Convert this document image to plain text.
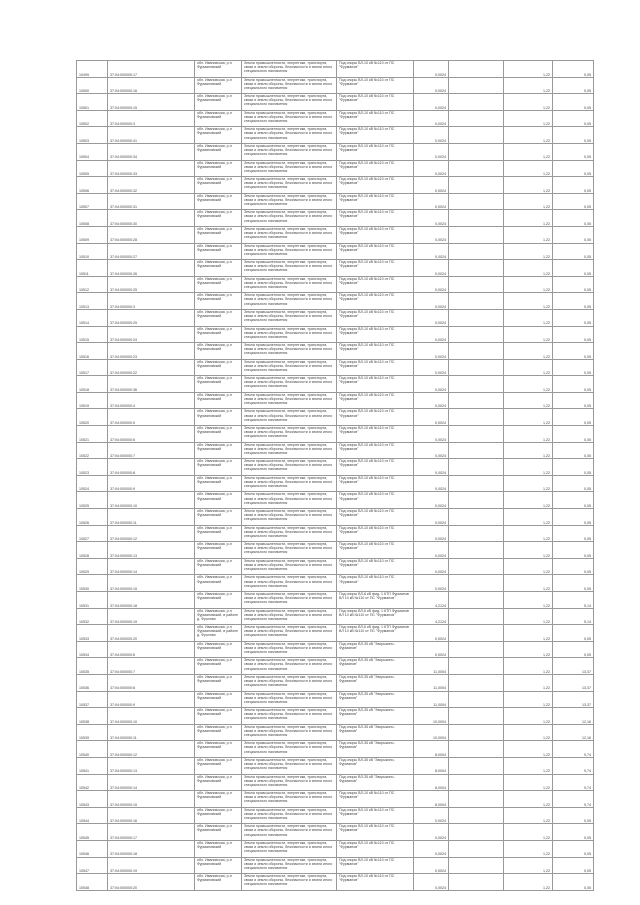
10499	37:04:000000:17	обл. Ивановская, р-н Фурмановский	Земли промышленности, энергетики, транспорта, связи и земли обороны, безопасности и земли иного специального назначения	Под опоры ВЛ-10 кВ №110 от ПС "Фурманов"	0,0024		1,22	0,05
10500	37:04:000000:16	обл. Ивановская, р-н Фурмановский	Земли промышленности, энергетики, транспорта, связи и земли обороны, безопасности и земли иного специального назначения	Под опоры ВЛ-10 кВ №110 от ПС "Фурманов"	0,0024		1,22	0,05
10501	37:04:000000:15	обл. Ивановская, р-н Фурмановский	Земли промышленности, энергетики, транспорта, связи и земли обороны, безопасности и земли иного специального назначения	Под опоры ВЛ-10 кВ №110 от ПС "Фурманов"	0,0024		1,22	0,05
10502	37:04:000000:3	обл. Ивановская, р-н Фурмановский	Земли промышленности, энергетики, транспорта, связи и земли обороны, безопасности и земли иного специального назначения	Под опоры ВЛ-10 кВ №110 от ПС "Фурманов"	0,0024		1,22	0,05
10503	37:04:000000:41	обл. Ивановская, р-н Фурмановский	Земли промышленности, энергетики, транспорта, связи и земли обороны, безопасности и земли иного специального назначения	Под опоры ВЛ-10 кВ №110 от ПС "Фурманов"	0,0024		1,22	0,05
10504	37:04:000000:34	обл. Ивановская, р-н Фурмановский	Земли промышленности, энергетики, транспорта, связи и земли обороны, безопасности и земли иного специального назначения	Под опоры ВЛ-10 кВ №110 от ПС "Фурманов"	0,0024		1,22	0,05
10505	37:04:000000:33	обл. Ивановская, р-н Фурмановский	Земли промышленности, энергетики, транспорта, связи и земли обороны, безопасности и земли иного специального назначения	Под опоры ВЛ-10 кВ №110 от ПС "Фурманов"	0,0024		1,22	0,05
10506	37:04:000000:32	обл. Ивановская, р-н Фурмановский	Земли промышленности, энергетики, транспорта, связи и земли обороны, безопасности и земли иного специального назначения	Под опоры ВЛ-10 кВ №110 от ПС "Фурманов"	0,0024		1,22	0,05
10507	37:04:000000:31	обл. Ивановская, р-н Фурмановский	Земли промышленности, энергетики, транспорта, связи и земли обороны, безопасности и земли иного специального назначения	Под опоры ВЛ-10 кВ №110 от ПС "Фурманов"	0,0024		1,22	0,05
10508	37:04:000000:30	обл. Ивановская, р-н Фурмановский	Земли промышленности, энергетики, транспорта, связи и земли обороны, безопасности и земли иного специального назначения	Под опоры ВЛ-10 кВ №110 от ПС "Фурманов"	0,0024		1,22	0,05
10509	37:04:000000:28	обл. Ивановская, р-н Фурмановский	Земли промышленности, энергетики, транспорта, связи и земли обороны, безопасности и земли иного специального назначения	Под опоры ВЛ-10 кВ №110 от ПС "Фурманов"	0,0024		1,22	0,05
10510	37:04:000000:27	обл. Ивановская, р-н Фурмановский	Земли промышленности, энергетики, транспорта, связи и земли обороны, безопасности и земли иного специального назначения	Под опоры ВЛ-10 кВ №110 от ПС "Фурманов"	0,0024		1,22	0,05
10511	37:04:000000:26	обл. Ивановская, р-н Фурмановский	Земли промышленности, энергетики, транспорта, связи и земли обороны, безопасности и земли иного специального назначения	Под опоры ВЛ-10 кВ №110 от ПС "Фурманов"	0,0024		1,22	0,05
10512	37:04:000000:25	обл. Ивановская, р-н Фурмановский	Земли промышленности, энергетики, транспорта, связи и земли обороны, безопасности и земли иного специального назначения	Под опоры ВЛ-10 кВ №110 от ПС "Фурманов"	0,0024		1,22	0,05
10513	37:04:000000:3	обл. Ивановская, р-н Фурмановский	Земли промышленности, энергетики, транспорта, связи и земли обороны, безопасности и земли иного специального назначения	Под опоры ВЛ-10 кВ №110 от ПС "Фурманов"	0,0024		1,22	0,05
10514	37:04:000000:29	обл. Ивановская, р-н Фурмановский	Земли промышленности, энергетики, транспорта, связи и земли обороны, безопасности и земли иного специального назначения	Под опоры ВЛ-10 кВ №110 от ПС "Фурманов"	0,0024		1,22	0,05
10515	37:04:000000:24	обл. Ивановская, р-н Фурмановский	Земли промышленности, энергетики, транспорта, связи и земли обороны, безопасности и земли иного специального назначения	Под опоры ВЛ-10 кВ №110 от ПС "Фурманов"	0,0024		1,22	0,05
10516	37:04:000000:23	обл. Ивановская, р-н Фурмановский	Земли промышленности, энергетики, транспорта, связи и земли обороны, безопасности и земли иного специального назначения	Под опоры ВЛ-10 кВ №110 от ПС "Фурманов"	0,0024		1,22	0,05
10517	37:04:000000:22	обл. Ивановская, р-н Фурмановский	Земли промышленности, энергетики, транспорта, связи и земли обороны, безопасности и земли иного специального назначения	Под опоры ВЛ-10 кВ №110 от ПС "Фурманов"	0,0024		1,22	0,05
10518	37:04:000000:36	обл. Ивановская, р-н Фурмановский	Земли промышленности, энергетики, транспорта, связи и земли обороны, безопасности и земли иного специального назначения	Под опоры ВЛ-10 кВ №110 от ПС "Фурманов"	0,0024		1,22	0,05
10519	37:04:000000:4	обл. Ивановская, р-н Фурмановский	Земли промышленности, энергетики, транспорта, связи и земли обороны, безопасности и земли иного специального назначения	Под опоры ВЛ-10 кВ №110 от ПС "Фурманов"	0,0024		1,22	0,05
10520	37:04:000000:5	обл. Ивановская, р-н Фурмановский	Земли промышленности, энергетики, транспорта, связи и земли обороны, безопасности и земли иного специального назначения	Под опоры ВЛ-10 кВ №110 от ПС "Фурманов"	0,0024		1,22	0,05
10521	37:04:000000:6	обл. Ивановская, р-н Фурмановский	Земли промышленности, энергетики, транспорта, связи и земли обороны, безопасности и земли иного специального назначения	Под опоры ВЛ-10 кВ №110 от ПС "Фурманов"	0,0024		1,22	0,05
10522	37:04:000000:7	обл. Ивановская, р-н Фурмановский	Земли промышленности, энергетики, транспорта, связи и земли обороны, безопасности и земли иного специального назначения	Под опоры ВЛ-10 кВ №110 от ПС "Фурманов"	0,0024		1,22	0,05
10523	37:04:000000:8	обл. Ивановская, р-н Фурмановский	Земли промышленности, энергетики, транспорта, связи и земли обороны, безопасности и земли иного специального назначения	Под опоры ВЛ-10 кВ №110 от ПС "Фурманов"	0,0024		1,22	0,05
10524	37:04:000000:9	обл. Ивановская, р-н Фурмановский	Земли промышленности, энергетики, транспорта, связи и земли обороны, безопасности и земли иного специального назначения	Под опоры ВЛ-10 кВ №110 от ПС "Фурманов"	0,0024		1,22	0,05
10525	37:04:000000:10	обл. Ивановская, р-н Фурмановский	Земли промышленности, энергетики, транспорта, связи и земли обороны, безопасности и земли иного специального назначения	Под опоры ВЛ-10 кВ №110 от ПС "Фурманов"	0,0024		1,22	0,05
10526	37:04:000000:11	обл. Ивановская, р-н Фурмановский	Земли промышленности, энергетики, транспорта, связи и земли обороны, безопасности и земли иного специального назначения	Под опоры ВЛ-10 кВ №110 от ПС "Фурманов"	0,0024		1,22	0,05
10527	37:04:000000:12	обл. Ивановская, р-н Фурмановский	Земли промышленности, энергетики, транспорта, связи и земли обороны, безопасности и земли иного специального назначения	Под опоры ВЛ-10 кВ №110 от ПС "Фурманов"	0,0024		1,22	0,05
10528	37:04:000000:13	обл. Ивановская, р-н Фурмановский	Земли промышленности, энергетики, транспорта, связи и земли обороны, безопасности и земли иного специального назначения	Под опоры ВЛ-10 кВ №110 от ПС "Фурманов"	0,0024		1,22	0,05
10529	37:04:000000:14	обл. Ивановская, р-н Фурмановский	Земли промышленности, энергетики, транспорта, связи и земли обороны, безопасности и земли иного специального назначения	Под опоры ВЛ-10 кВ №110 от ПС "Фурманов"	0,0024		1,22	0,05
10530	37:04:000000:15	обл. Ивановская, р-н Фурмановский	Земли промышленности, энергетики, транспорта, связи и земли обороны, безопасности и земли иного специального назначения	Под опоры ВЛ-10 кВ №110 от ПС "Фурманов"	0,0024		1,22	0,05
10531	37:04:000000:18	обл. Ивановская, р-н Фурмановский	Земли промышленности, энергетики, транспорта, связи и земли обороны, безопасности и земли иного специального назначения	Под опоры ВЛ-6 кВ фид. 1 КТП Фурманов ВЛ 10 кВ №110 от ПС "Фурманов"	4,2124		1,22	5,14
10532	37:04:000000:19	обл. Ивановская, р-н Фурмановский, в районе д. Фролово	Земли промышленности, энергетики, транспорта, связи и земли обороны, безопасности и земли иного специального назначения	Под опоры ВЛ-6 кВ фид. 1 КТП Фурманов ВЛ 10 кВ №110 от ПС "Фурманов"	4,2124		1,22	5,14
10533	37:04:000000:20	обл. Ивановская, р-н Фурмановский, в районе д. Фролово	Земли промышленности, энергетики, транспорта, связи и земли обороны, безопасности и земли иного специального назначения	Под опоры ВЛ-6 кВ фид. 1 КТП Фурманов ВЛ 10 кВ №110 от ПС "Фурманов"	0,0024		1,22	0,05
10534	37:04:000000:6	обл. Ивановская, р-н Фурмановский	Земли промышленности, энергетики, транспорта, связи и земли обороны, безопасности и земли иного специального назначения	Под опоры ВЛ-35 кВ "Зворыкино-Фурманов"	0,0024		1,22	0,05
10535	37:04:000000:7	обл. Ивановская, р-н Фурмановский	Земли промышленности, энергетики, транспорта, связи и земли обороны, безопасности и земли иного специального назначения	Под опоры ВЛ-35 кВ "Зворыкино-Фурманов"	11,0004		1,22	13,37
10536	37:04:000000:8	обл. Ивановская, р-н Фурмановский	Земли промышленности, энергетики, транспорта, связи и земли обороны, безопасности и земли иного специального назначения	Под опоры ВЛ-35 кВ "Зворыкино-Фурманов"	11,0004		1,22	13,37
10537	37:04:000000:9	обл. Ивановская, р-н Фурмановский	Земли промышленности, энергетики, транспорта, связи и земли обороны, безопасности и земли иного специального назначения	Под опоры ВЛ-35 кВ "Зворыкино-Фурманов"	11,0004		1,22	13,37
10538	37:04:000000:10	обл. Ивановская, р-н Фурмановский	Земли промышленности, энергетики, транспорта, связи и земли обороны, безопасности и земли иного специального назначения	Под опоры ВЛ-35 кВ "Зворыкино-Фурманов"	10,0004		1,22	12,16
10539	37:04:000000:11	обл. Ивановская, р-н Фурмановский	Земли промышленности, энергетики, транспорта, связи и земли обороны, безопасности и земли иного специального назначения	Под опоры ВЛ-35 кВ "Зворыкино-Фурманов"	10,0004		1,22	12,16
10540	37:04:000000:12	обл. Ивановская, р-н Фурмановский	Земли промышленности, энергетики, транспорта, связи и земли обороны, безопасности и земли иного специального назначения	Под опоры ВЛ-35 кВ "Зворыкино-Фурманов"	8,0004		1,22	9,74
10541	37:04:000000:13	обл. Ивановская, р-н Фурмановский	Земли промышленности, энергетики, транспорта, связи и земли обороны, безопасности и земли иного специального назначения	Под опоры ВЛ-35 кВ "Зворыкино-Фурманов"	8,0004		1,22	9,74
10542	37:04:000000:14	обл. Ивановская, р-н Фурмановский	Земли промышленности, энергетики, транспорта, связи и земли обороны, безопасности и земли иного специального назначения	Под опоры ВЛ-35 кВ "Зворыкино-Фурманов"	8,0004		1,22	9,74
10543	37:04:000000:15	обл. Ивановская, р-н Фурмановский	Земли промышленности, энергетики, транспорта, связи и земли обороны, безопасности и земли иного специального назначения	Под опоры ВЛ-10 кВ №110 от ПС "Фурманов"	8,0004		1,22	9,74
10544	37:04:000000:16	обл. Ивановская, р-н Фурмановский	Земли промышленности, энергетики, транспорта, связи и земли обороны, безопасности и земли иного специального назначения	Под опоры ВЛ-10 кВ №110 от ПС "Фурманов"	0,0024		1,22	0,05
10545	37:04:000000:17	обл. Ивановская, р-н Фурмановский	Земли промышленности, энергетики, транспорта, связи и земли обороны, безопасности и земли иного специального назначения	Под опоры ВЛ-10 кВ №110 от ПС "Фурманов"	0,0024		1,22	0,05
10546	37:04:000000:18	обл. Ивановская, р-н Фурмановский	Земли промышленности, энергетики, транспорта, связи и земли обороны, безопасности и земли иного специального назначения	Под опоры ВЛ-10 кВ №110 от ПС "Фурманов"	0,0024		1,22	0,05
10547	37:04:000000:19	обл. Ивановская, р-н Фурмановский	Земли промышленности, энергетики, транспорта, связи и земли обороны, безопасности и земли иного специального назначения	Под опоры ВЛ-10 кВ №110 от ПС "Фурманов"	0,0024		1,22	0,05
10548	37:04:000000:20	обл. Ивановская, р-н Фурмановский	Земли промышленности, энергетики, транспорта, связи и земли обороны, безопасности и земли иного специального назначения	Под опоры ВЛ-10 кВ №110 от ПС "Фурманов"	0,0024		1,22	0,05
